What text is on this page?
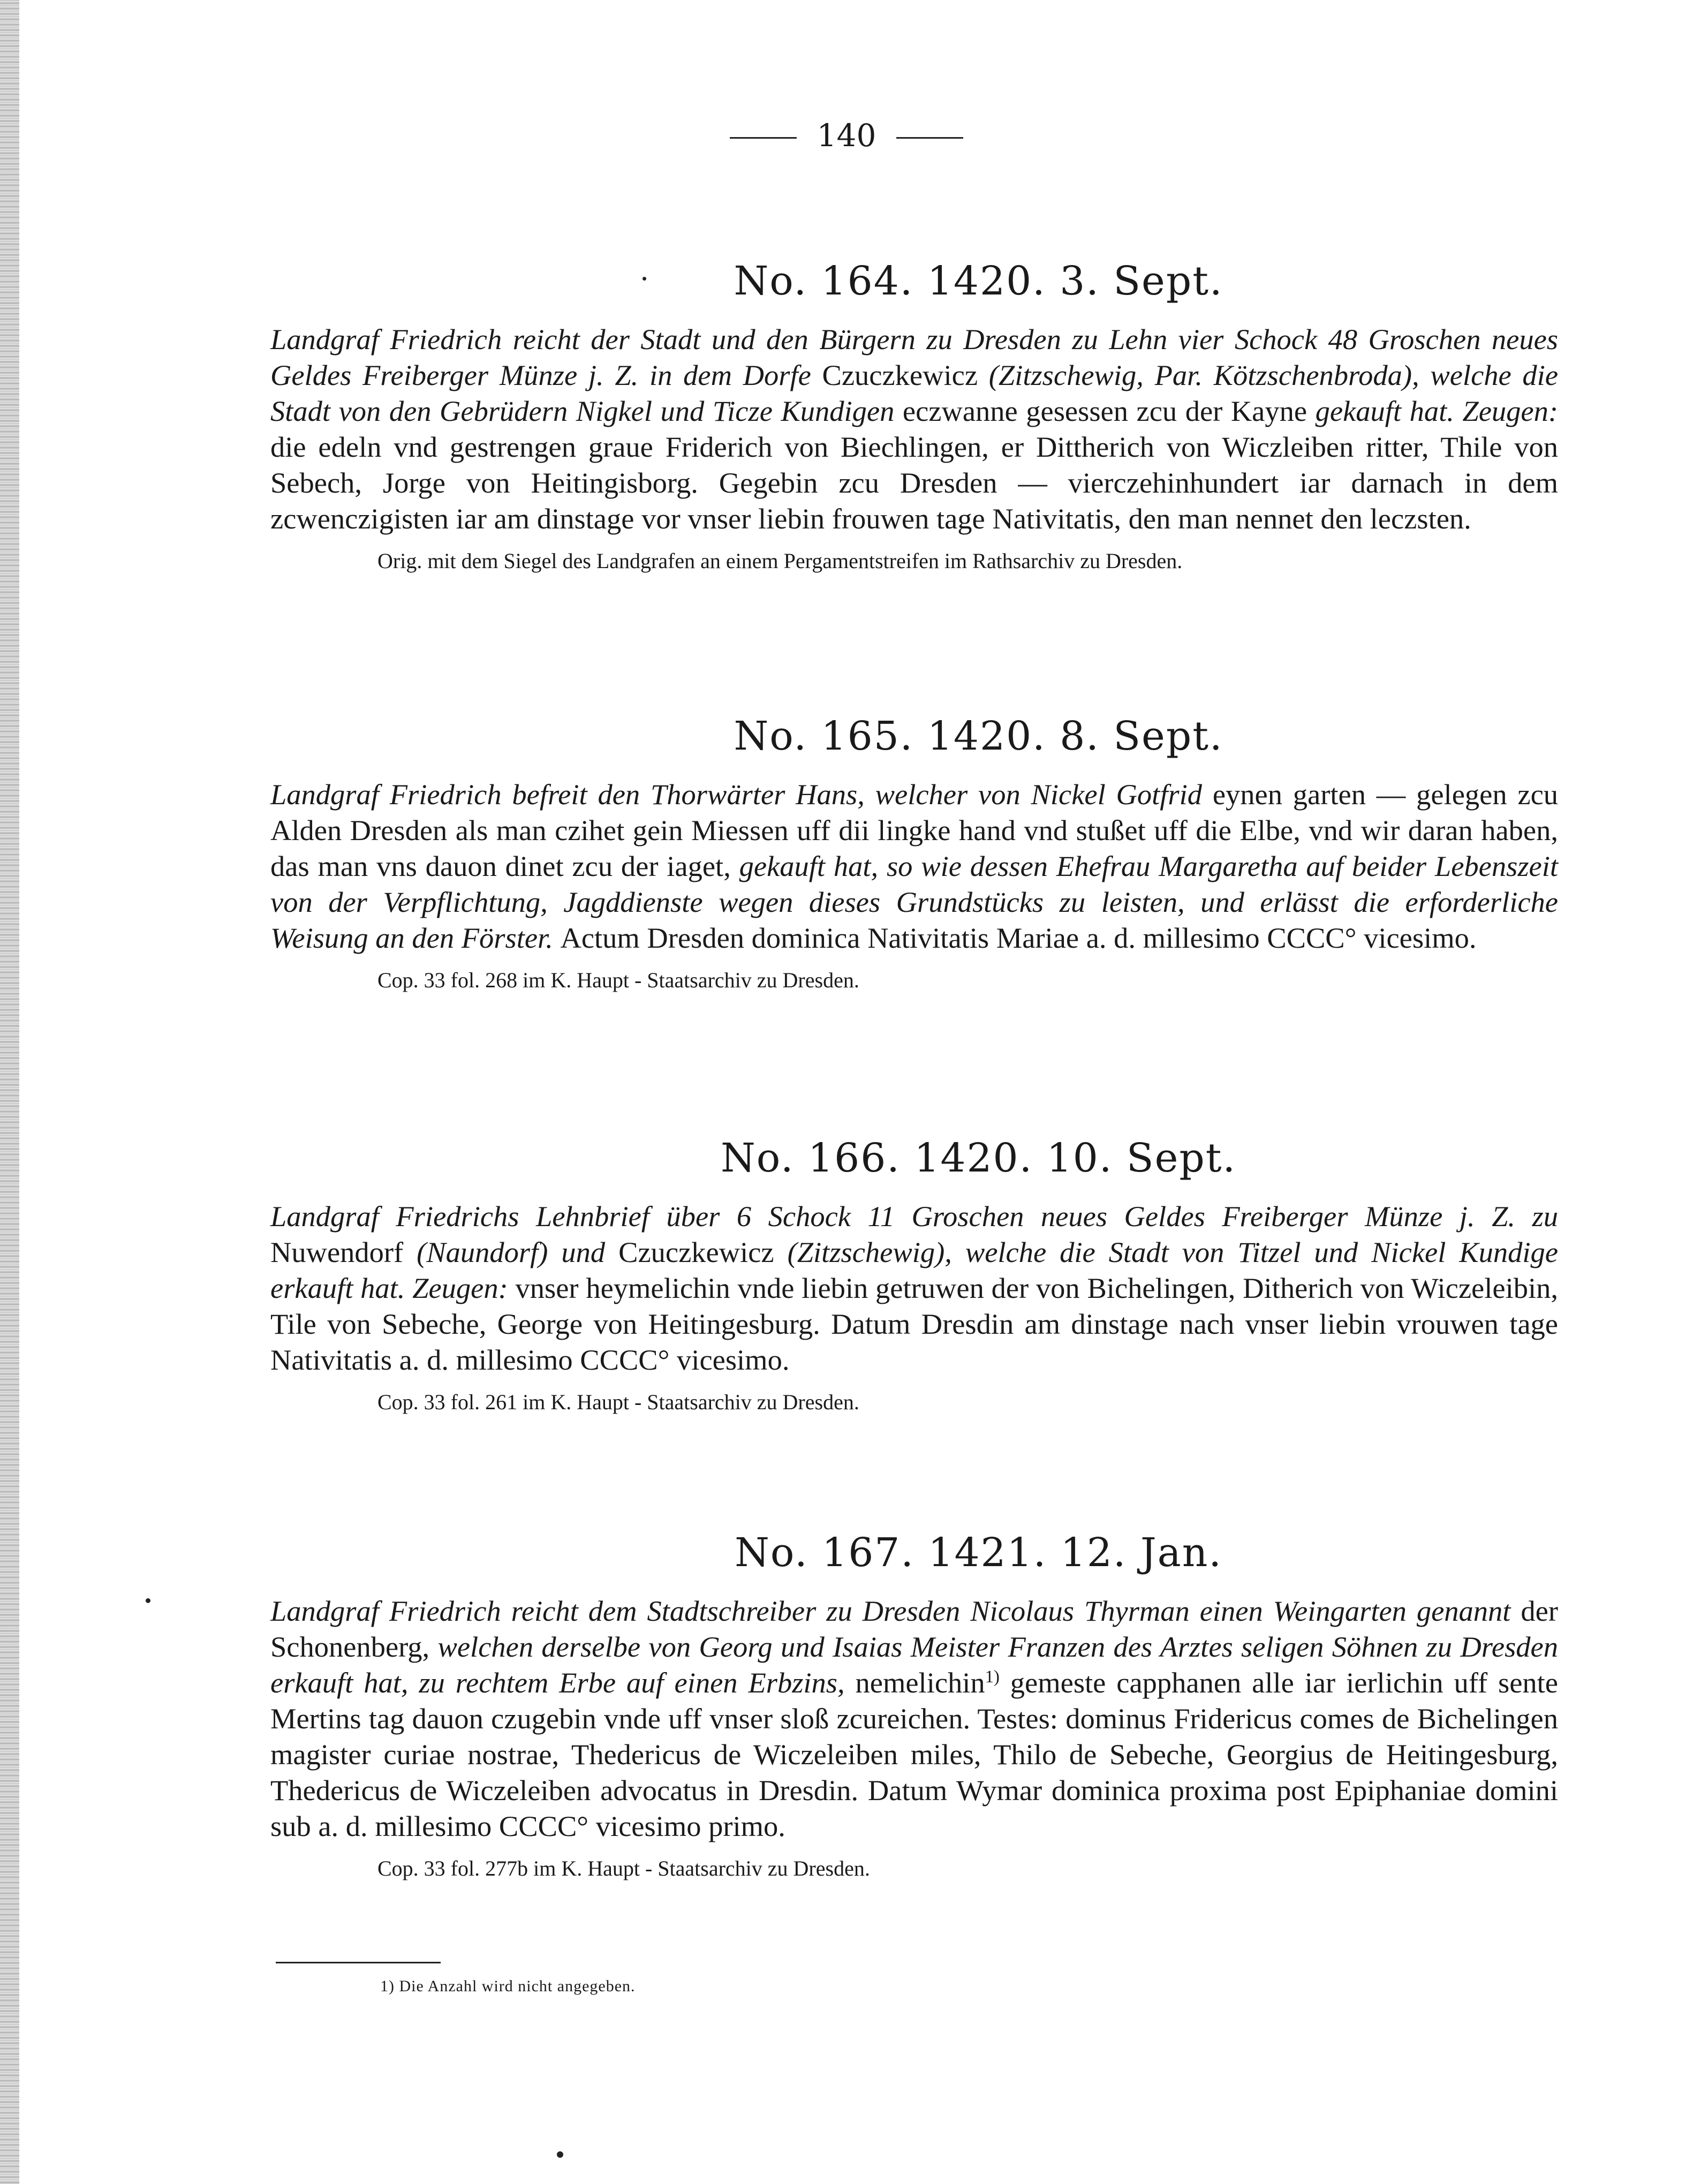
140
No. 164. 1420. 3. Sept.
Landgraf Friedrich reicht der Stadt und den Bürgern zu Dresden zu Lehn vier Schock 48 Groschen neues Geldes Freiberger Münze j. Z. in dem Dorfe Czuczkewicz (Zitzschewig, Par. Kötzschenbroda), welche die Stadt von den Gebrüdern Nigkel und Ticze Kundigen eczwanne gesessen zcu der Kayne gekauft hat. Zeugen: die edeln vnd gestrengen graue Friderich von Biechlingen, er Dittherich von Wiczleiben ritter, Thile von Sebech, Jorge von Heitingisborg. Gegebin zcu Dresden — vierczehinhundert iar darnach in dem zcwenczigisten iar am dinstage vor vnser liebin frouwen tage Nativitatis, den man nennet den leczsten.
Orig. mit dem Siegel des Landgrafen an einem Pergamentstreifen im Rathsarchiv zu Dresden.
No. 165. 1420. 8. Sept.
Landgraf Friedrich befreit den Thorwärter Hans, welcher von Nickel Gotfrid eynen garten — gelegen zcu Alden Dresden als man czihet gein Miessen uff dii lingke hand vnd stußet uff die Elbe, vnd wir daran haben, das man vns dauon dinet zcu der iaget, gekauft hat, so wie dessen Ehefrau Margaretha auf beider Lebenszeit von der Verpflichtung, Jagddienste wegen dieses Grundstücks zu leisten, und erlässt die erforderliche Weisung an den Förster. Actum Dresden dominica Nativitatis Mariae a. d. millesimo CCCC° vicesimo.
Cop. 33 fol. 268 im K. Haupt - Staatsarchiv zu Dresden.
No. 166. 1420. 10. Sept.
Landgraf Friedrichs Lehnbrief über 6 Schock 11 Groschen neues Geldes Freiberger Münze j. Z. zu Nuwendorf (Naundorf) und Czuczkewicz (Zitzschewig), welche die Stadt von Titzel und Nickel Kundige erkauft hat. Zeugen: vnser heymelichin vnde liebin getruwen der von Bichelingen, Ditherich von Wiczeleibin, Tile von Sebeche, George von Heitingesburg. Datum Dresdin am dinstage nach vnser liebin vrouwen tage Nativitatis a. d. millesimo CCCC° vicesimo.
Cop. 33 fol. 261 im K. Haupt - Staatsarchiv zu Dresden.
No. 167. 1421. 12. Jan.
Landgraf Friedrich reicht dem Stadtschreiber zu Dresden Nicolaus Thyrman einen Weingarten genannt der Schonenberg, welchen derselbe von Georg und Isaias Meister Franzen des Arztes seligen Söhnen zu Dresden erkauft hat, zu rechtem Erbe auf einen Erbzins, nemelichin$^{1)}$ gemeste capphanen alle iar ierlichin uff sente Mertins tag dauon czugebin vnde uff vnser sloß zcureichen. Testes: dominus Fridericus comes de Bichelingen magister curiae nostrae, Thedericus de Wiczeleiben miles, Thilo de Sebeche, Georgius de Heitingesburg, Thedericus de Wiczeleiben advocatus in Dresdin. Datum Wymar dominica proxima post Epiphaniae domini sub a. d. millesimo CCCC° vicesimo primo.
Cop. 33 fol. 277b im K. Haupt - Staatsarchiv zu Dresden.
1) Die Anzahl wird nicht angegeben.
